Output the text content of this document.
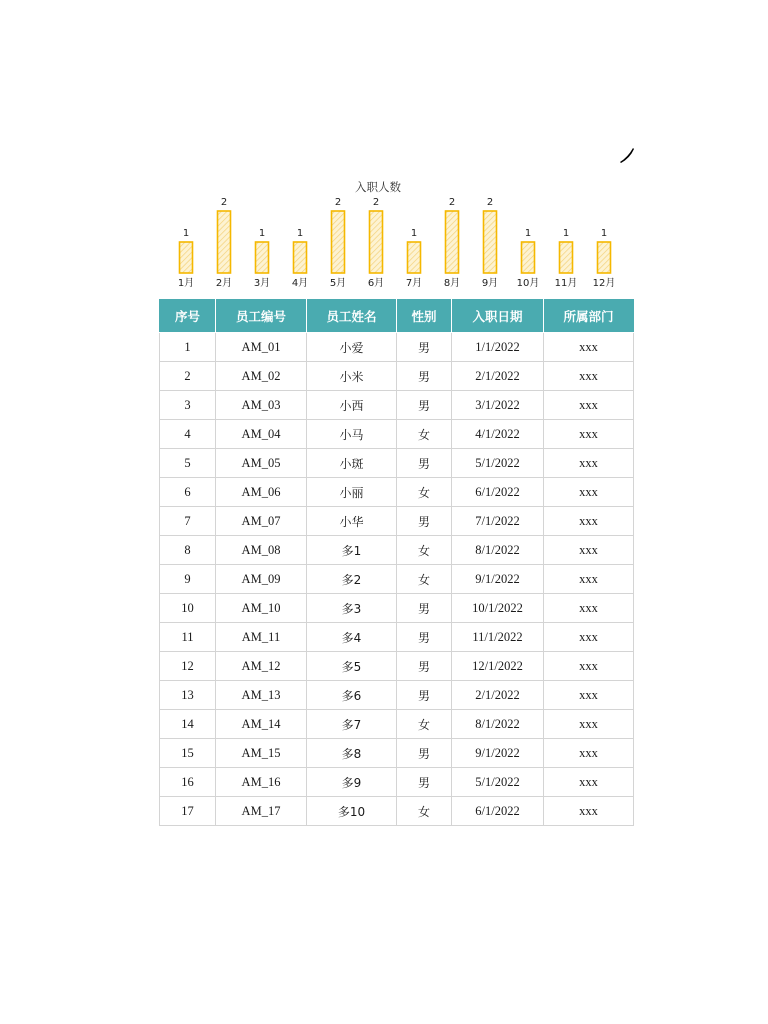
入职人数
1
1月
2
2月
1
3月
1
4月
2
5月
2
6月
1
7月
2
8月
2
9月
1
10月
1
11月
1
12月
序号	员工编号	员工姓名	性别	入职日期	所属部门
1	AM_01	小爱	男	1/1/2022	xxx
2	AM_02	小米	男	2/1/2022	xxx
3	AM_03	小西	男	3/1/2022	xxx
4	AM_04	小马	女	4/1/2022	xxx
5	AM_05	小斑	男	5/1/2022	xxx
6	AM_06	小丽	女	6/1/2022	xxx
7	AM_07	小华	男	7/1/2022	xxx
8	AM_08	多1	女	8/1/2022	xxx
9	AM_09	多2	女	9/1/2022	xxx
10	AM_10	多3	男	10/1/2022	xxx
11	AM_11	多4	男	11/1/2022	xxx
12	AM_12	多5	男	12/1/2022	xxx
13	AM_13	多6	男	2/1/2022	xxx
14	AM_14	多7	女	8/1/2022	xxx
15	AM_15	多8	男	9/1/2022	xxx
16	AM_16	多9	男	5/1/2022	xxx
17	AM_17	多10	女	6/1/2022	xxx
